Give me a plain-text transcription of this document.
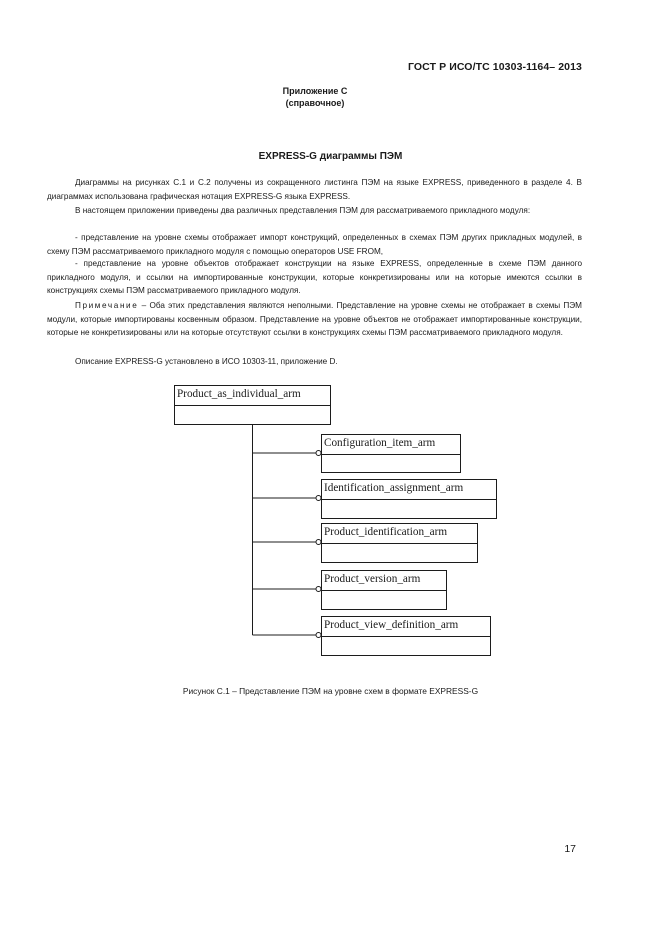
ГОСТ Р ИСО/ТС 10303-1164– 2013
Приложение С
(справочное)
EXPRESS-G диаграммы ПЭМ
Диаграммы на рисунках С.1 и С.2 получены из сокращенного листинга ПЭМ на языке EXPRESS, приведенного в разделе 4. В диаграммах использована графическая нотация EXPRESS-G языка EXPRESS.
В настоящем приложении приведены два различных представления ПЭМ для рассматриваемого прикладного модуля:
- представление на уровне схемы отображает импорт конструкций, определенных в схемах ПЭМ других прикладных модулей, в схему ПЭМ рассматриваемого прикладного модуля с помощью операторов USE FROM,
- представление на уровне объектов отображает конструкции на языке EXPRESS, определенные в схеме ПЭМ данного прикладного модуля, и ссылки на импортированные конструкции, которые конкретизированы или на которые имеются ссылки в конструкциях схемы ПЭМ рассматриваемого прикладного модуля.
Примечание – Оба этих представления являются неполными. Представление на уровне схемы не отображает в схемы ПЭМ модули, которые импортированы косвенным образом. Представление на уровне объектов не отображает импортированные конструкции, которые не конкретизированы или на которые отсутствуют ссылки в конструкциях схемы ПЭМ рассматриваемого прикладного модуля.
Описание EXPRESS-G установлено в ИСО 10303-11, приложение D.
Product_as_individual_arm
Configuration_item_arm
Identification_assignment_arm
Product_identification_arm
Product_version_arm
Product_view_definition_arm
Рисунок С.1 – Представление ПЭМ на уровне схем в формате EXPRESS-G
17
